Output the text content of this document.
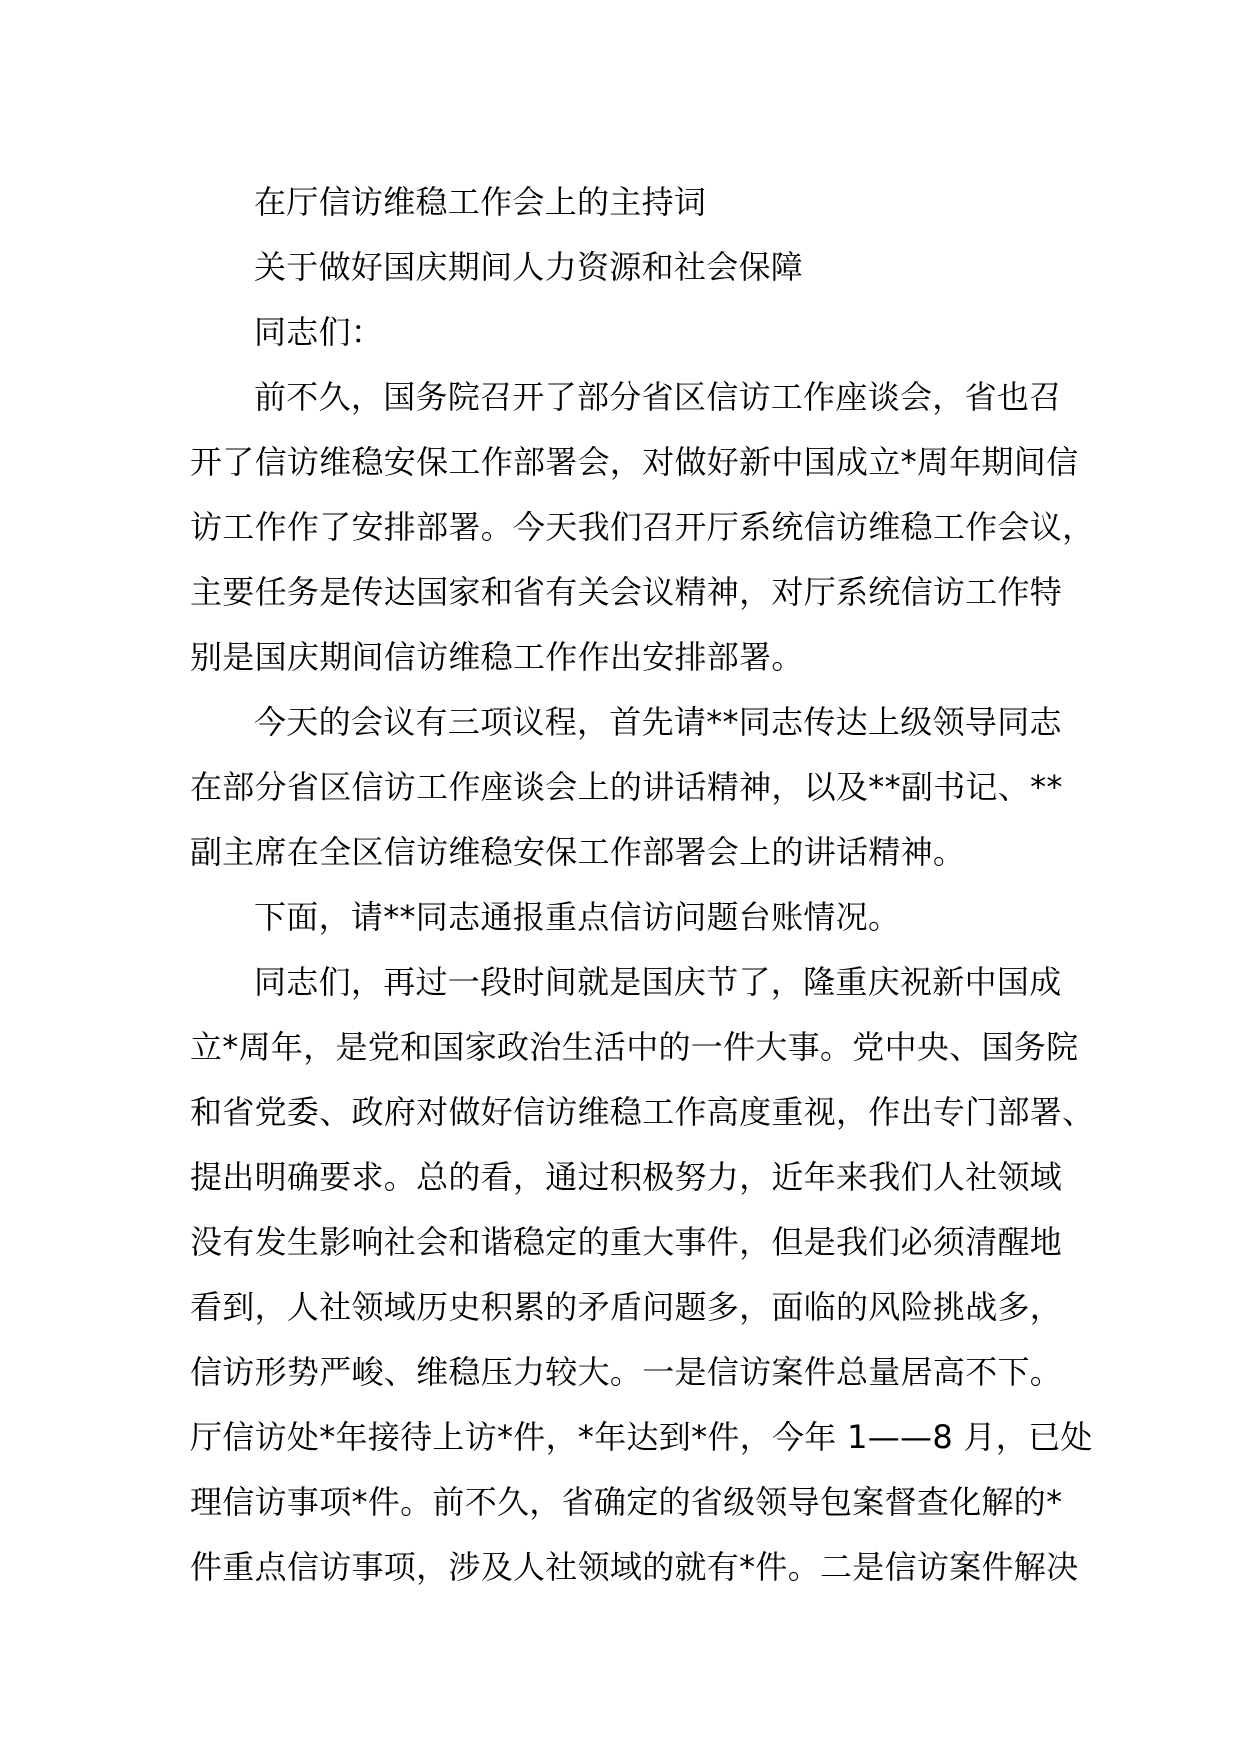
在厅信访维稳工作会上的主持词
关于做好国庆期间人力资源和社会保障
同志们：
前不久，国务院召开了部分省区信访工作座谈会，省也召
开了信访维稳安保工作部署会，对做好新中国成立*周年期间信
访工作作了安排部署。今天我们召开厅系统信访维稳工作会议，
主要任务是传达国家和省有关会议精神，对厅系统信访工作特
别是国庆期间信访维稳工作作出安排部署。
今天的会议有三项议程，首先请**同志传达上级领导同志
在部分省区信访工作座谈会上的讲话精神，以及**副书记、**
副主席在全区信访维稳安保工作部署会上的讲话精神。
下面，请**同志通报重点信访问题台账情况。
同志们，再过一段时间就是国庆节了，隆重庆祝新中国成
立*周年，是党和国家政治生活中的一件大事。党中央、国务院
和省党委、政府对做好信访维稳工作高度重视，作出专门部署、
提出明确要求。总的看，通过积极努力，近年来我们人社领域
没有发生影响社会和谐稳定的重大事件，但是我们必须清醒地
看到，人社领域历史积累的矛盾问题多，面临的风险挑战多，
信访形势严峻、维稳压力较大。一是信访案件总量居高不下。
厅信访处*年接待上访*件，*年达到*件，今年 1——8 月，已处
理信访事项*件。前不久，省确定的省级领导包案督查化解的*
件重点信访事项，涉及人社领域的就有*件。二是信访案件解决
